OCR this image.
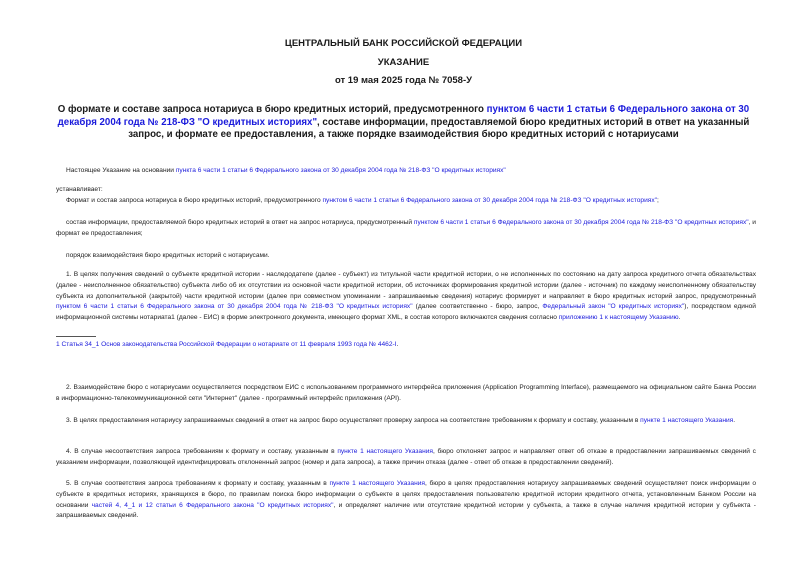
ЦЕНТРАЛЬНЫЙ БАНК РОССИЙСКОЙ ФЕДЕРАЦИИ
УКАЗАНИЕ
от 19 мая 2025 года № 7058-У
О формате и составе запроса нотариуса в бюро кредитных историй, предусмотренного пунктом 6 части 1 статьи 6 Федерального закона от 30 декабря 2004 года № 218-ФЗ "О кредитных историях", составе информации, предоставляемой бюро кредитных историй в ответ на указанный запрос, и формате ее предоставления, а также порядке взаимодействия бюро кредитных историй с нотариусами
Настоящее Указание на основании пункта 6 части 1 статьи 6 Федерального закона от 30 декабря 2004 года № 218-ФЗ "О кредитных историях"
устанавливает:
Формат и состав запроса нотариуса в бюро кредитных историй, предусмотренного пунктом 6 части 1 статьи 6 Федерального закона от 30 декабря 2004 года № 218-ФЗ "О кредитных историях";
состав информации, предоставляемой бюро кредитных историй в ответ на запрос нотариуса, предусмотренный пунктом 6 части 1 статьи 6 Федерального закона от 30 декабря 2004 года № 218-ФЗ "О кредитных историях", и формат ее предоставления;
порядок взаимодействия бюро кредитных историй с нотариусами.
1. В целях получения сведений о субъекте кредитной истории - наследодателе (далее - субъект) из титульной части кредитной истории, о не исполненных по состоянию на дату запроса кредитного отчета обязательствах (далее - неисполненное обязательство) субъекта либо об их отсутствии из основной части кредитной истории, об источниках формирования кредитной истории (далее - источник) по каждому неисполненному обязательству субъекта из дополнительной (закрытой) части кредитной истории (далее при совместном упоминании - запрашиваемые сведения) нотариус формирует и направляет в бюро кредитных историй запрос, предусмотренный пунктом 6 части 1 статьи 6 Федерального закона от 30 декабря 2004 года № 218-ФЗ "О кредитных историях" (далее соответственно - бюро, запрос, Федеральный закон "О кредитных историях"), посредством единой информационной системы нотариата1 (далее - ЕИС) в форме электронного документа, имеющего формат XML, в состав которого включаются сведения согласно приложению 1 к настоящему Указанию.
1 Статья 34_1 Основ законодательства Российской Федерации о нотариате от 11 февраля 1993 года № 4462-I.
2. Взаимодействие бюро с нотариусами осуществляется посредством ЕИС с использованием программного интерфейса приложения (Application Programming Interface), размещаемого на официальном сайте Банка России в информационно-телекоммуникационной сети "Интернет" (далее - программный интерфейс приложения (API).
3. В целях предоставления нотариусу запрашиваемых сведений в ответ на запрос бюро осуществляет проверку запроса на соответствие требованиям к формату и составу, указанным в пункте 1 настоящего Указания.
4. В случае несоответствия запроса требованиям к формату и составу, указанным в пункте 1 настоящего Указания, бюро отклоняет запрос и направляет ответ об отказе в предоставлении запрашиваемых сведений с указанием информации, позволяющей идентифицировать отклоненный запрос (номер и дата запроса), а также причин отказа (далее - ответ об отказе в предоставлении сведений).
5. В случае соответствия запроса требованиям к формату и составу, указанным в пункте 1 настоящего Указания, бюро в целях предоставления нотариусу запрашиваемых сведений осуществляет поиск информации о субъекте в кредитных историях, хранящихся в бюро, по правилам поиска бюро информации о субъекте в целях предоставления пользователю кредитной истории кредитного отчета, установленным Банком России на основании частей 4, 4_1 и 12 статьи 6 Федерального закона "О кредитных историях", и определяет наличие или отсутствие кредитной истории у субъекта, а также в случае наличия кредитной истории у субъекта - запрашиваемых сведений.
